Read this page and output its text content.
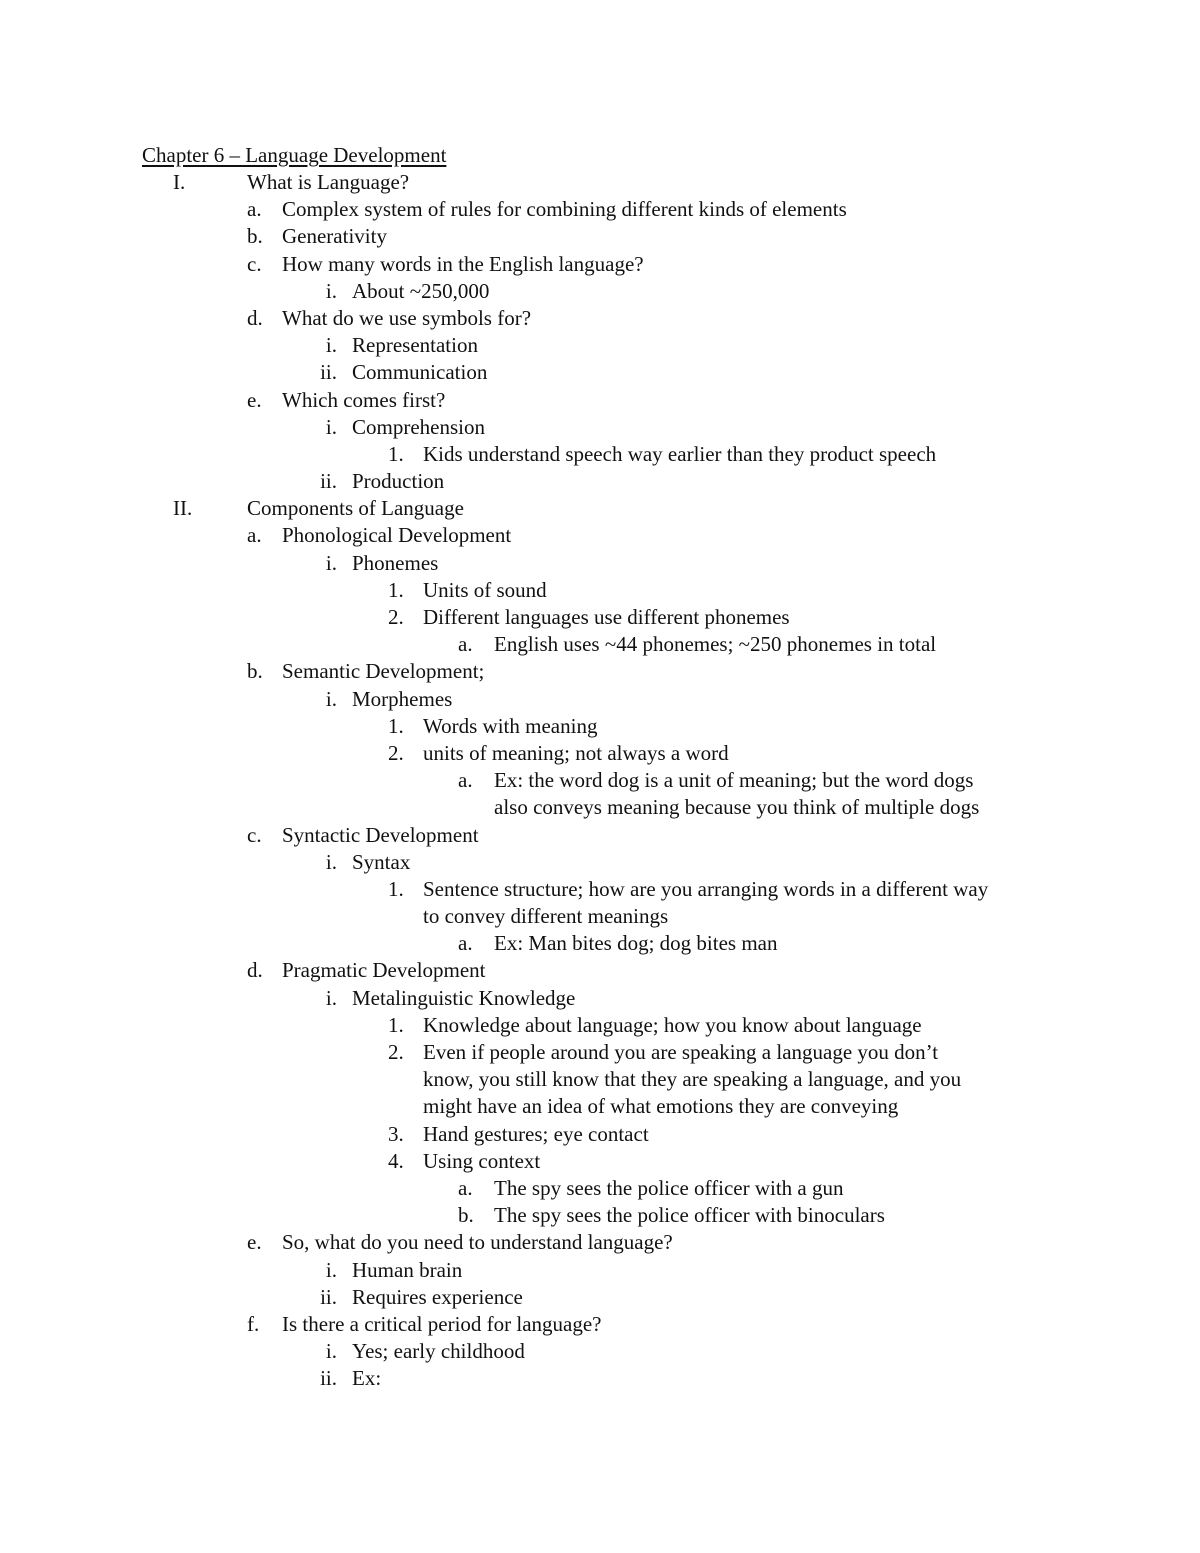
Chapter 6 – Language Development
I.	What is Language?
a. Complex system of rules for combining different kinds of elements
b. Generativity
c. How many words in the English language?
i. About ~250,000
d. What do we use symbols for?
i. Representation
ii. Communication
e. Which comes first?
i. Comprehension
1. Kids understand speech way earlier than they product speech
ii. Production
II.	Components of Language
a. Phonological Development
i. Phonemes
1. Units of sound
2. Different languages use different phonemes
a. English uses ~44 phonemes; ~250 phonemes in total
b. Semantic Development;
i. Morphemes
1. Words with meaning
2. units of meaning; not always a word
a. Ex: the word dog is a unit of meaning; but the word dogs
also conveys meaning because you think of multiple dogs
c. Syntactic Development
i. Syntax
1. Sentence structure; how are you arranging words in a different way
to convey different meanings
a. Ex: Man bites dog; dog bites man
d. Pragmatic Development
i. Metalinguistic Knowledge
1. Knowledge about language; how you know about language
2. Even if people around you are speaking a language you don’t
know, you still know that they are speaking a language, and you
might have an idea of what emotions they are conveying
3. Hand gestures; eye contact
4. Using context
a. The spy sees the police officer with a gun
b. The spy sees the police officer with binoculars
e. So, what do you need to understand language?
i. Human brain
ii. Requires experience
f. Is there a critical period for language?
i. Yes; early childhood
ii. Ex:
